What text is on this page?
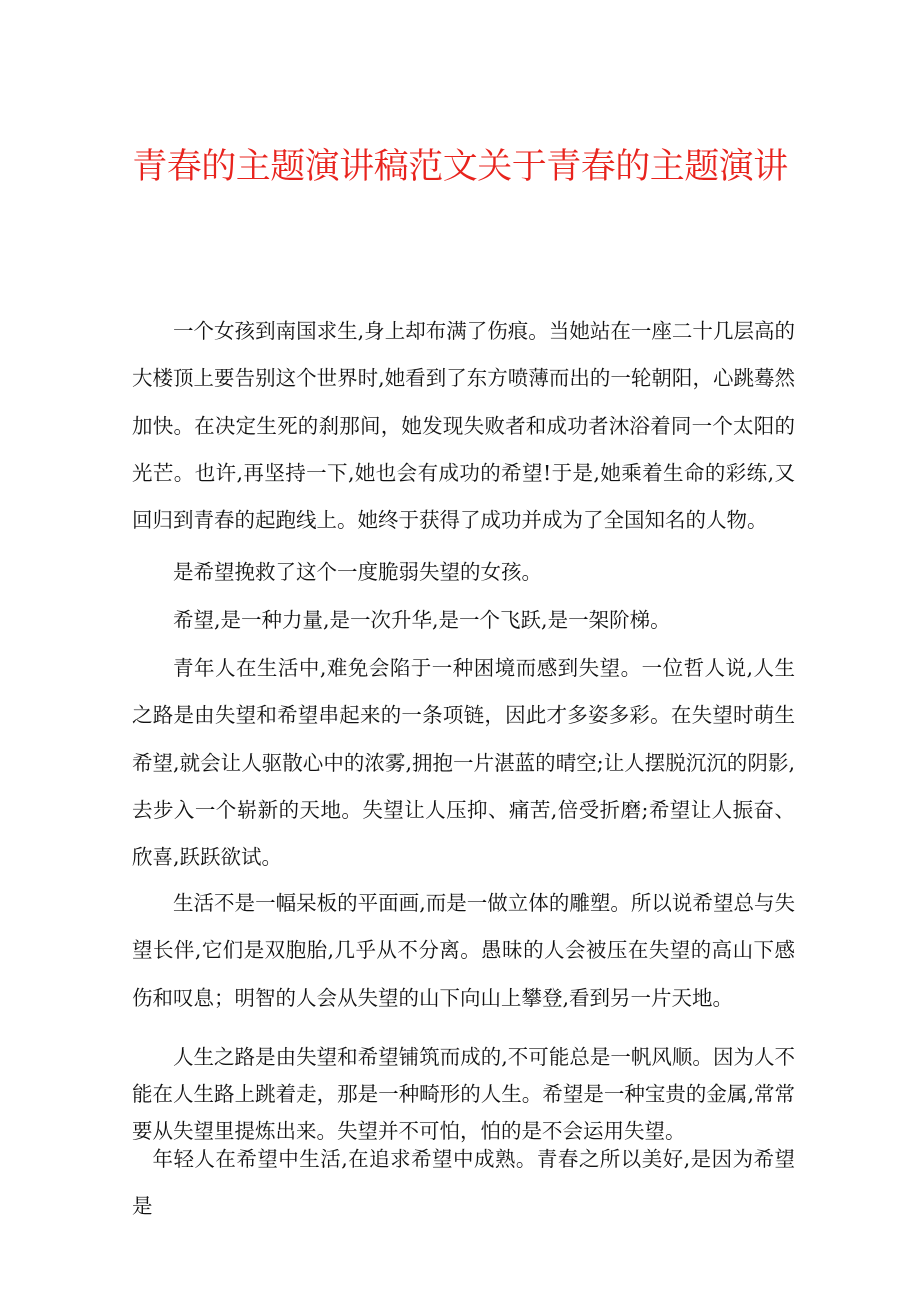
青春的主题演讲稿范文关于青春的主题演讲

一个女孩到南国求生,身上却布满了伤痕。当她站在一座二十几层高的大楼顶上要告别这个世界时,她看到了东方喷薄而出的一轮朝阳，心跳蓦然加快。在决定生死的刹那间，她发现失败者和成功者沐浴着同一个太阳的光芒。也许,再坚持一下,她也会有成功的希望!于是,她乘着生命的彩练,又回归到青春的起跑线上。她终于获得了成功并成为了全国知名的人物。

是希望挽救了这个一度脆弱失望的女孩。

希望,是一种力量,是一次升华,是一个飞跃,是一架阶梯。

青年人在生活中,难免会陷于一种困境而感到失望。一位哲人说,人生之路是由失望和希望串起来的一条项链，因此才多姿多彩。在失望时萌生希望,就会让人驱散心中的浓雾,拥抱一片湛蓝的晴空;让人摆脱沉沉的阴影,去步入一个崭新的天地。失望让人压抑、痛苦,倍受折磨;希望让人振奋、欣喜,跃跃欲试。

生活不是一幅呆板的平面画,而是一做立体的雕塑。所以说希望总与失望长伴,它们是双胞胎,几乎从不分离。愚昧的人会被压在失望的高山下感伤和叹息；明智的人会从失望的山下向山上攀登,看到另一片天地。

人生之路是由失望和希望铺筑而成的,不可能总是一帆风顺。因为人不能在人生路上跳着走，那是一种畸形的人生。希望是一种宝贵的金属,常常要从失望里提炼出来。失望并不可怕，怕的是不会运用失望。

年轻人在希望中生活,在追求希望中成熟。青春之所以美好,是因为希望是
